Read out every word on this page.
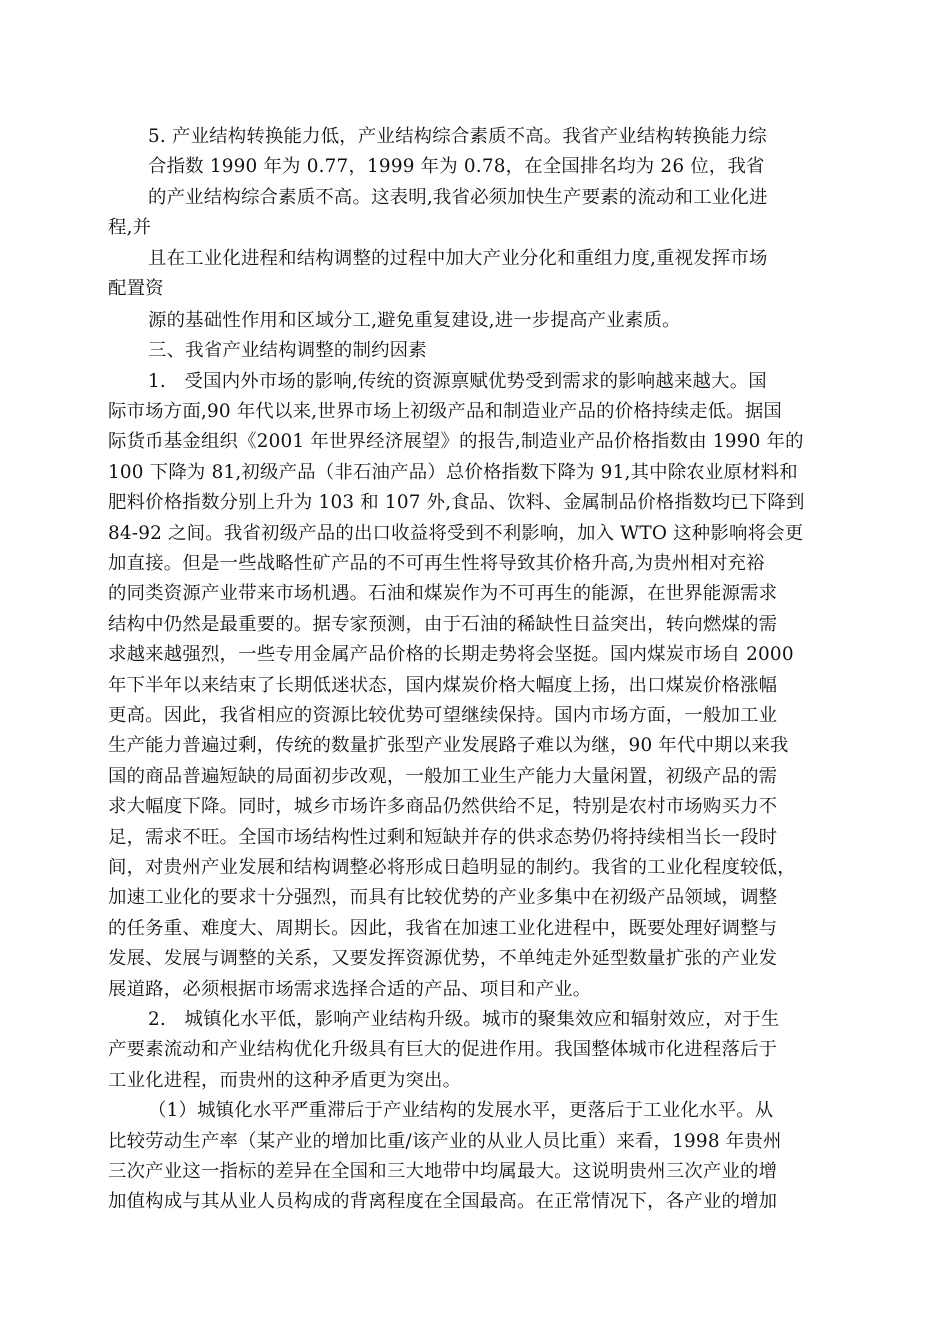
5. 产业结构转换能力低，产业结构综合素质不高。我省产业结构转换能力综
合指数 1990 年为 0.77，1999 年为 0.78，在全国排名均为 26 位，我省
的产业结构综合素质不高。这表明,我省必须加快生产要素的流动和工业化进
程,并
且在工业化进程和结构调整的过程中加大产业分化和重组力度,重视发挥市场
配置资
源的基础性作用和区域分工,避免重复建设,进一步提高产业素质。
三、我省产业结构调整的制约因素
1.　受国内外市场的影响,传统的资源禀赋优势受到需求的影响越来越大。国
际市场方面,90 年代以来,世界市场上初级产品和制造业产品的价格持续走低。据国
际货币基金组织《2001 年世界经济展望》的报告,制造业产品价格指数由 1990 年的
100 下降为 81,初级产品（非石油产品）总价格指数下降为 91,其中除农业原材料和
肥料价格指数分别上升为 103 和 107 外,食品、饮料、金属制品价格指数均已下降到
84-92 之间。我省初级产品的出口收益将受到不利影响，加入 WTO 这种影响将会更
加直接。但是一些战略性矿产品的不可再生性将导致其价格升高,为贵州相对充裕
的同类资源产业带来市场机遇。石油和煤炭作为不可再生的能源，在世界能源需求
结构中仍然是最重要的。据专家预测，由于石油的稀缺性日益突出，转向燃煤的需
求越来越强烈，一些专用金属产品价格的长期走势将会坚挺。国内煤炭市场自 2000
年下半年以来结束了长期低迷状态，国内煤炭价格大幅度上扬，出口煤炭价格涨幅
更高。因此，我省相应的资源比较优势可望继续保持。国内市场方面，一般加工业
生产能力普遍过剩，传统的数量扩张型产业发展路子难以为继，90 年代中期以来我
国的商品普遍短缺的局面初步改观，一般加工业生产能力大量闲置，初级产品的需
求大幅度下降。同时，城乡市场许多商品仍然供给不足，特别是农村市场购买力不
足，需求不旺。全国市场结构性过剩和短缺并存的供求态势仍将持续相当长一段时
间，对贵州产业发展和结构调整必将形成日趋明显的制约。我省的工业化程度较低，
加速工业化的要求十分强烈，而具有比较优势的产业多集中在初级产品领域，调整
的任务重、难度大、周期长。因此，我省在加速工业化进程中，既要处理好调整与
发展、发展与调整的关系，又要发挥资源优势，不单纯走外延型数量扩张的产业发
展道路，必须根据市场需求选择合适的产品、项目和产业。
2.　城镇化水平低，影响产业结构升级。城市的聚集效应和辐射效应，对于生
产要素流动和产业结构优化升级具有巨大的促进作用。我国整体城市化进程落后于
工业化进程，而贵州的这种矛盾更为突出。
（1）城镇化水平严重滞后于产业结构的发展水平，更落后于工业化水平。从
比较劳动生产率（某产业的增加比重/该产业的从业人员比重）来看，1998 年贵州
三次产业这一指标的差异在全国和三大地带中均属最大。这说明贵州三次产业的增
加值构成与其从业人员构成的背离程度在全国最高。在正常情况下，各产业的增加
